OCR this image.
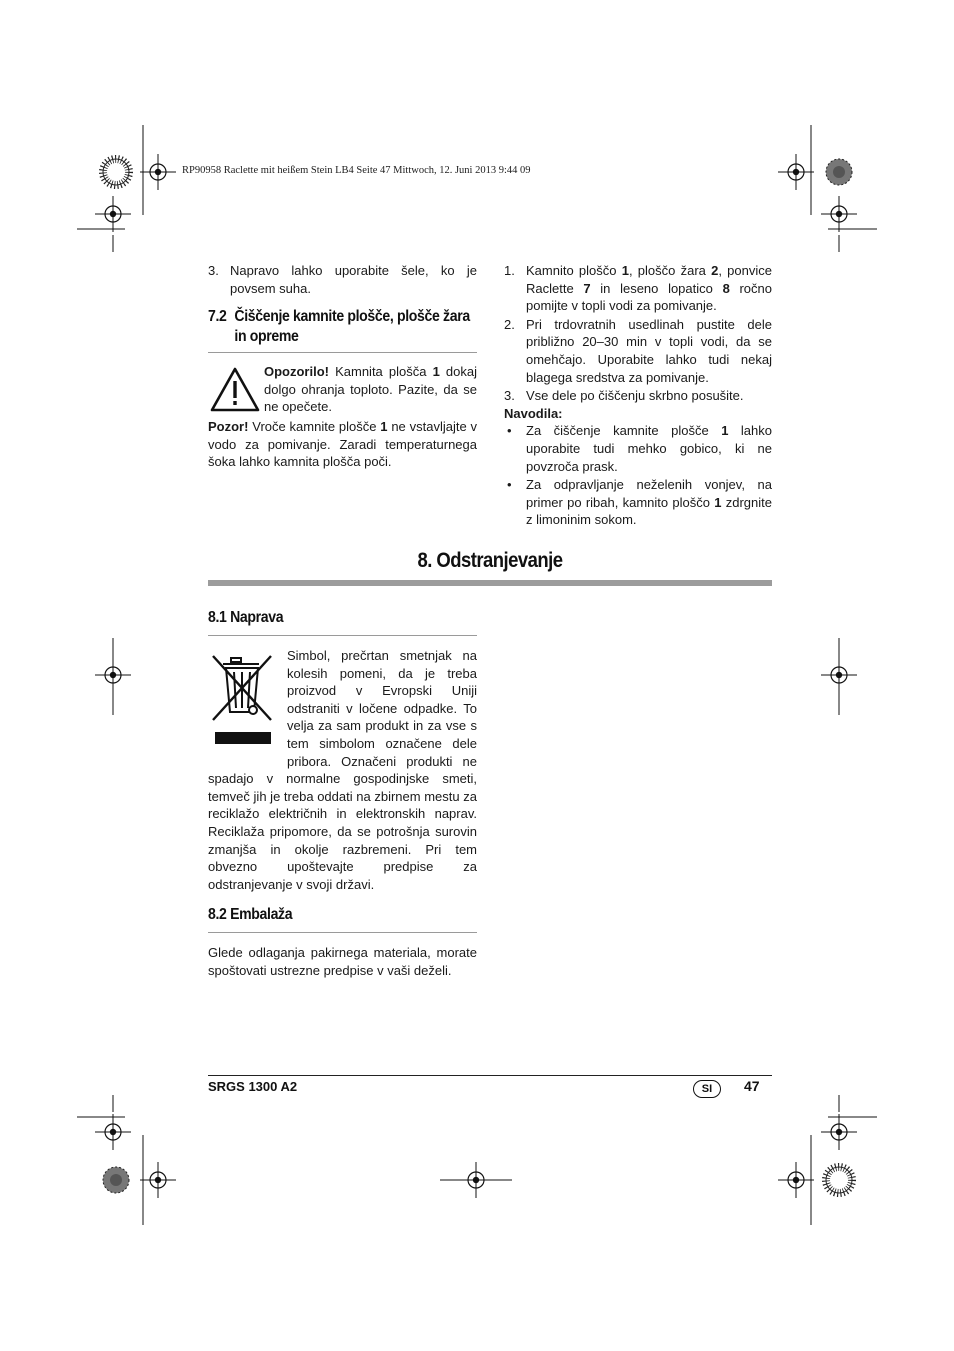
RP90958 Raclette mit heißem Stein LB4 Seite 47 Mittwoch, 12. Juni 2013 9:44 09
3. Napravo lahko uporabite šele, ko je povsem suha.
7.2 Čiščenje kamnite plošče, plošče žara
in opreme

Opozorilo! Kamnita plošča 1 dokaj dolgo ohranja toploto. Pazite, da se ne opečete.

Pozor! Vroče kamnite plošče 1 ne vstavljajte v vodo za pomivanje. Zaradi temperaturnega šoka lahko kamnita plošča poči.

1. Kamnito ploščo 1, ploščo žara 2, ponvice Raclette 7 in leseno lopatico 8 ročno pomijte v topli vodi za pomivanje.
2. Pri trdovratnih usedlinah pustite dele približno 20–30 min v topli vodi, da se omehčajo. Uporabite lahko tudi nekaj blagega sredstva za pomivanje.
3. Vse dele po čiščenju skrbno posušite.
Navodila:
•	Za čiščenje kamnite plošče 1 lahko uporabite tudi mehko gobico, ki ne povzroča prask.
•	Za odpravljanje neželenih vonjev, na primer po ribah, kamnito ploščo 1 zdrgnite z limoninim sokom.
8. Odstranjevanje
8.1 Naprava

Simbol, prečrtan smetnjak na kolesih pomeni, da je treba proizvod v Evropski Uniji odstraniti v ločene odpadke. To velja za sam produkt in za vse s tem simbolom označene dele pribora. Označeni produkti ne spadajo v normalne gospodinjske smeti, temveč jih je treba oddati na zbirnem mestu za reciklažo električnih in elektronskih naprav. Reciklaža pripomore, da se potrošnja surovin zmanjša in okolje razbremeni. Pri tem obvezno upoštevajte predpise za odstranjevanje v svoji državi.

8.2 Embalaža

Glede odlaganja pakirnega materiala, morate spoštovati ustrezne predpise v vaši deželi.

SRGS 1300 A2	SI	47
